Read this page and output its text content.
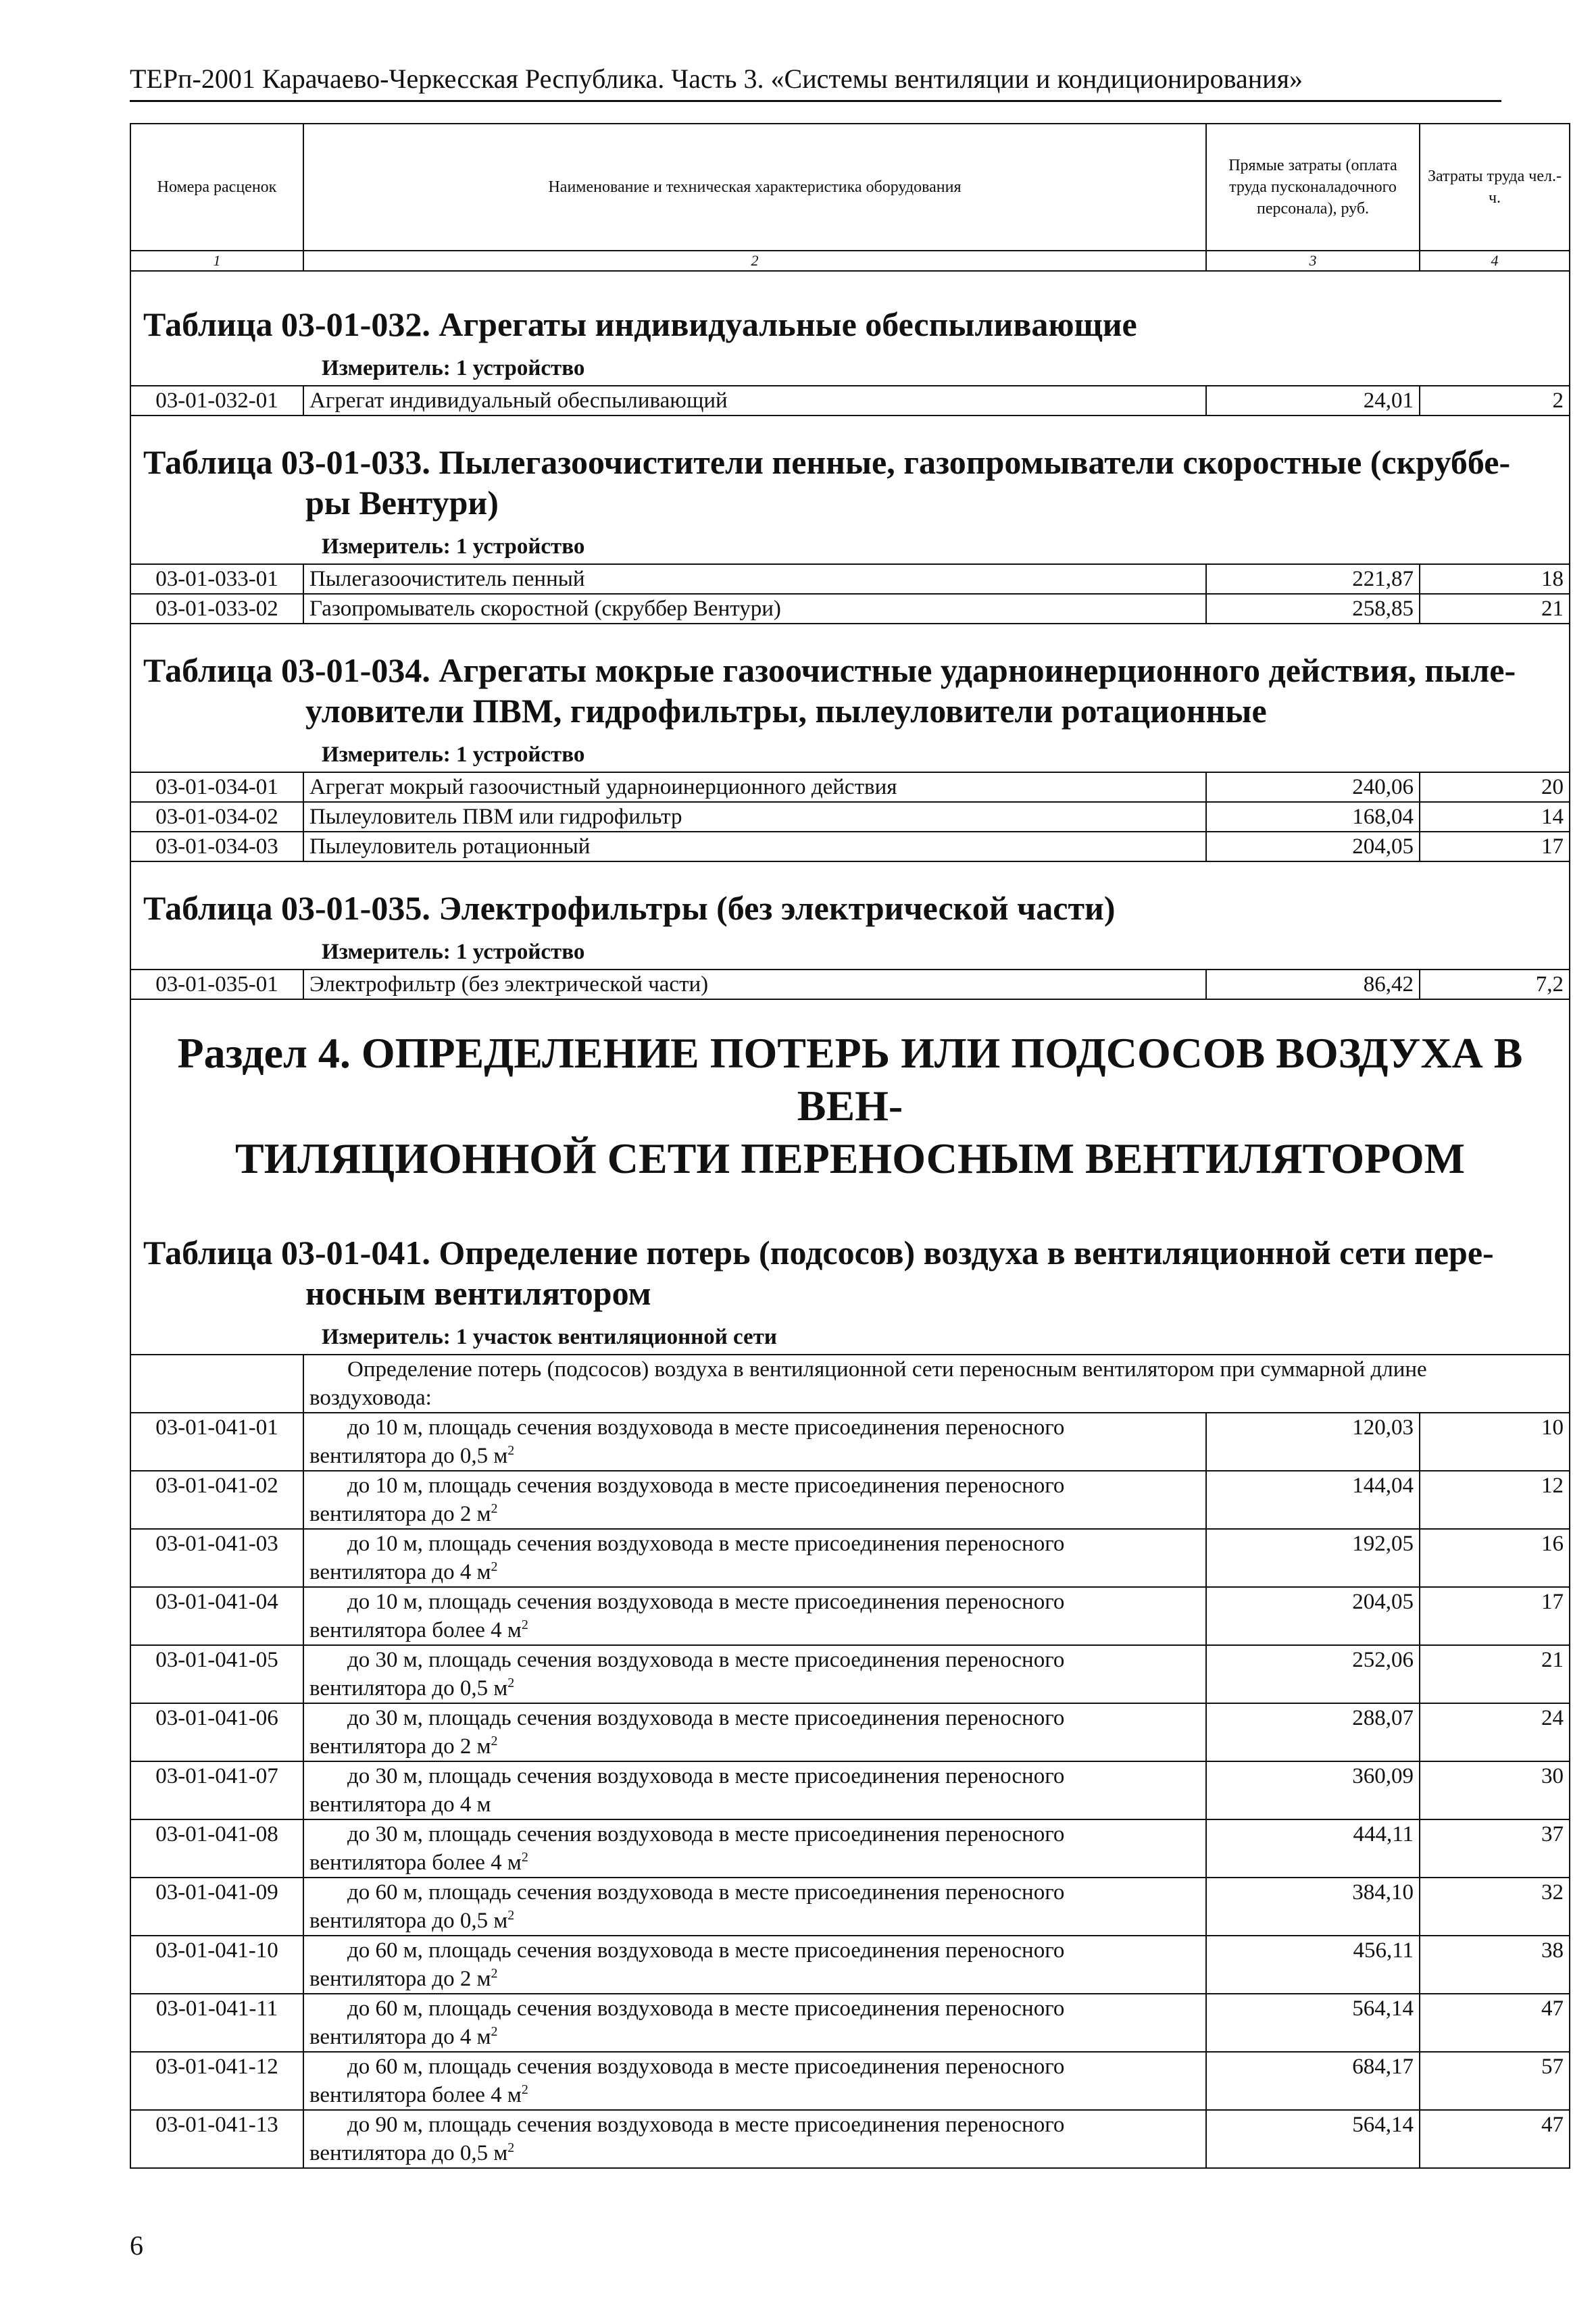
ТЕРп-2001 Карачаево-Черкесская Республика. Часть 3. «Системы вентиляции и кондиционирования»
Номера расценок	Наименование и техническая характеристика оборудования	Прямые затраты (оплата труда пусконаладочного персонала), руб.	Затраты труда чел.-ч.
1	2	3	4

Таблица 03-01-032. Агрегаты индивидуальные обеспыливающие
Измеритель: 1 устройство			

03-01-032-01	Агрегат индивидуальный обеспыливающий	24,01	2

Таблица 03-01-033. Пылегазоочистители пенные, газопромыватели скоростные (скруббе-
ры Вентури)
Измеритель: 1 устройство			

03-01-033-01	Пылегазоочиститель пенный	221,87	18
03-01-033-02	Газопромыватель скоростной (скруббер Вентури)	258,85	21

Таблица 03-01-034. Агрегаты мокрые газоочистные ударноинерционного действия, пыле-
уловители ПВМ, гидрофильтры, пылеуловители ротационные
Измеритель: 1 устройство			

03-01-034-01	Агрегат мокрый газоочистный ударноинерционного действия	240,06	20
03-01-034-02	Пылеуловитель ПВМ или гидрофильтр	168,04	14
03-01-034-03	Пылеуловитель ротационный	204,05	17

Таблица 03-01-035. Электрофильтры (без электрической части)
Измеритель: 1 устройство			

03-01-035-01	Электрофильтр (без электрической части)	86,42	7,2

Раздел 4. ОПРЕДЕЛЕНИЕ ПОТЕРЬ ИЛИ ПОДСОСОВ ВОЗДУХА В ВЕН-
ТИЛЯЦИОННОЙ СЕТИ ПЕРЕНОСНЫМ ВЕНТИЛЯТОРОМ
Таблица 03-01-041. Определение потерь (подсосов) воздуха в вентиляционной сети пере-
носным вентилятором
Измеритель: 1 участок вентиляционной сети			

	Определение потерь (подсосов) воздуха в вентиляционной сети переносным вентилятором при суммарной длине
воздуховода:		

03-01-041-01	до 10 м, площадь сечения воздуховода в месте присоединения переносного
вентилятора до 0,5 $м^2$	120,03	10
03-01-041-02	до 10 м, площадь сечения воздуховода в месте присоединения переносного
вентилятора до 2 $м^2$	144,04	12
03-01-041-03	до 10 м, площадь сечения воздуховода в месте присоединения переносного
вентилятора до 4 $м^2$	192,05	16
03-01-041-04	до 10 м, площадь сечения воздуховода в месте присоединения переносного
вентилятора более 4 $м^2$	204,05	17
03-01-041-05	до 30 м, площадь сечения воздуховода в месте присоединения переносного
вентилятора до 0,5 $м^2$	252,06	21
03-01-041-06	до 30 м, площадь сечения воздуховода в месте присоединения переносного
вентилятора до 2 $м^2$	288,07	24
03-01-041-07	до 30 м, площадь сечения воздуховода в месте присоединения переносного
вентилятора до 4 м	360,09	30
03-01-041-08	до 30 м, площадь сечения воздуховода в месте присоединения переносного
вентилятора более 4 $м^2$	444,11	37
03-01-041-09	до 60 м, площадь сечения воздуховода в месте присоединения переносного
вентилятора до 0,5 $м^2$	384,10	32
03-01-041-10	до 60 м, площадь сечения воздуховода в месте присоединения переносного
вентилятора до 2 $м^2$	456,11	38
03-01-041-11	до 60 м, площадь сечения воздуховода в месте присоединения переносного
вентилятора до 4 $м^2$	564,14	47
03-01-041-12	до 60 м, площадь сечения воздуховода в месте присоединения переносного
вентилятора более 4 $м^2$	684,17	57
03-01-041-13	до 90 м, площадь сечения воздуховода в месте присоединения переносного
вентилятора до 0,5 $м^2$	564,14	47
6
